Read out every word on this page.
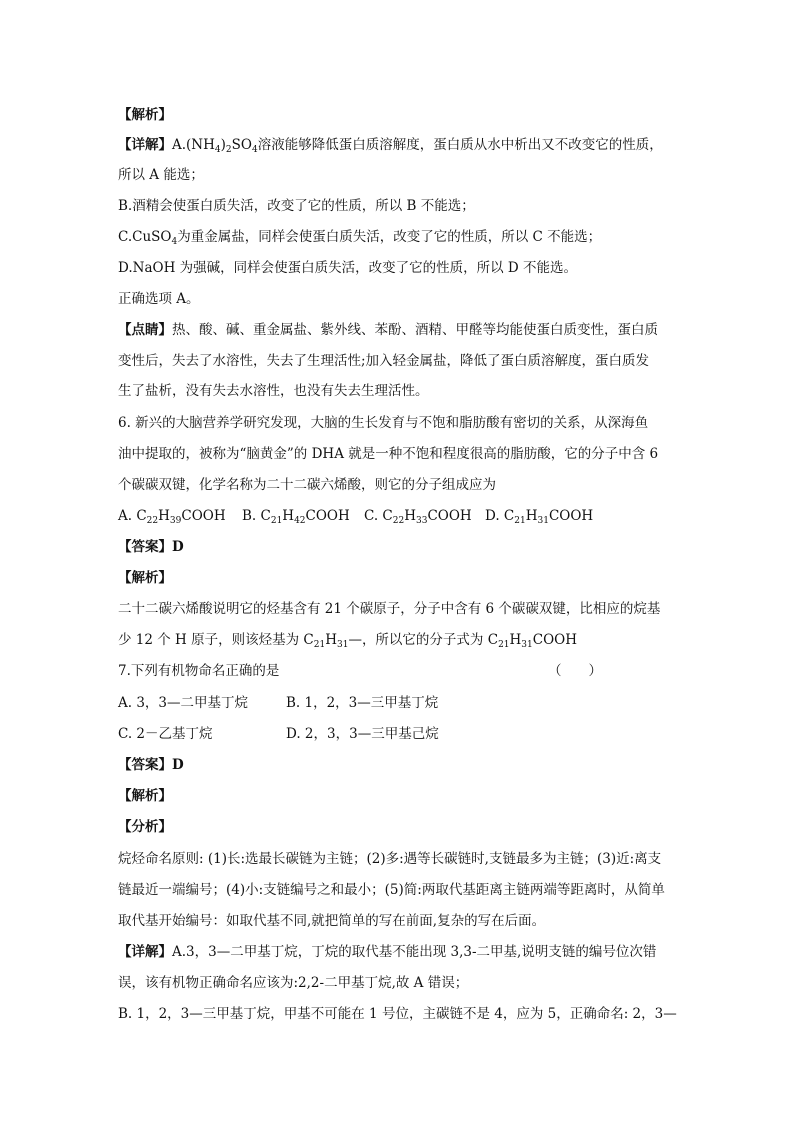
【解析】
【详解】$A.(NH_4)_2SO_4$溶液能够降低蛋白质溶解度，蛋白质从水中析出又不改变它的性质，
所以 A 能选；
B.酒精会使蛋白质失活，改变了它的性质，所以 B 不能选；
C.CuSO$_4$为重金属盐，同样会使蛋白质失活，改变了它的性质，所以 C 不能选；
D.NaOH 为强碱，同样会使蛋白质失活，改变了它的性质，所以 D 不能选。
正确选项 A。
【点睛】热、酸、碱、重金属盐、紫外线、苯酚、酒精、甲醛等均能使蛋白质变性，蛋白质
变性后，失去了水溶性，失去了生理活性;加入轻金属盐，降低了蛋白质溶解度，蛋白质发
生了盐析，没有失去水溶性，也没有失去生理活性。
6. 新兴的大脑营养学研究发现，大脑的生长发育与不饱和脂肪酸有密切的关系，从深海鱼
油中提取的，被称为“脑黄金”的 DHA 就是一种不饱和程度很高的脂肪酸，它的分子中含 6
个碳碳双键，化学名称为二十二碳六烯酸，则它的分子组成应为
A. $C_{22}H_{39}COOH$ B. $C_{21}H_{42}COOH$ C. $C_{22}H_{33}COOH$ D. $C_{21}H_{31}COOH$
【答案】D
【解析】
二十二碳六烯酸说明它的烃基含有 21 个碳原子，分子中含有 6 个碳碳双键，比相应的烷基
少 12 个 H 原子，则该烃基为 $C_{21}H_{31}—$，所以它的分子式为 $C_{21}H_{31}COOH$
7.下列有机物命名正确的是	（　　）
A. 3，3—二甲基丁烷	B. 1，2，3—三甲基丁烷
C. 2－乙基丁烷	D. 2，3，3—三甲基己烷
【答案】D
【解析】
【分析】
烷烃命名原则: (1)长:选最长碳链为主链；(2)多:遇等长碳链时,支链最多为主链；(3)近:离支
链最近一端编号；(4)小:支链编号之和最小；(5)简:两取代基距离主链两端等距离时，从简单
取代基开始编号：如取代基不同,就把简单的写在前面,复杂的写在后面。
【详解】A.3，3—二甲基丁烷，丁烷的取代基不能出现 3,3-二甲基,说明支链的编号位次错
误，该有机物正确命名应该为:2,2-二甲基丁烷,故 A 错误；
B. 1，2，3—三甲基丁烷，甲基不可能在 1 号位，主碳链不是 4，应为 5，正确命名: 2，3—
